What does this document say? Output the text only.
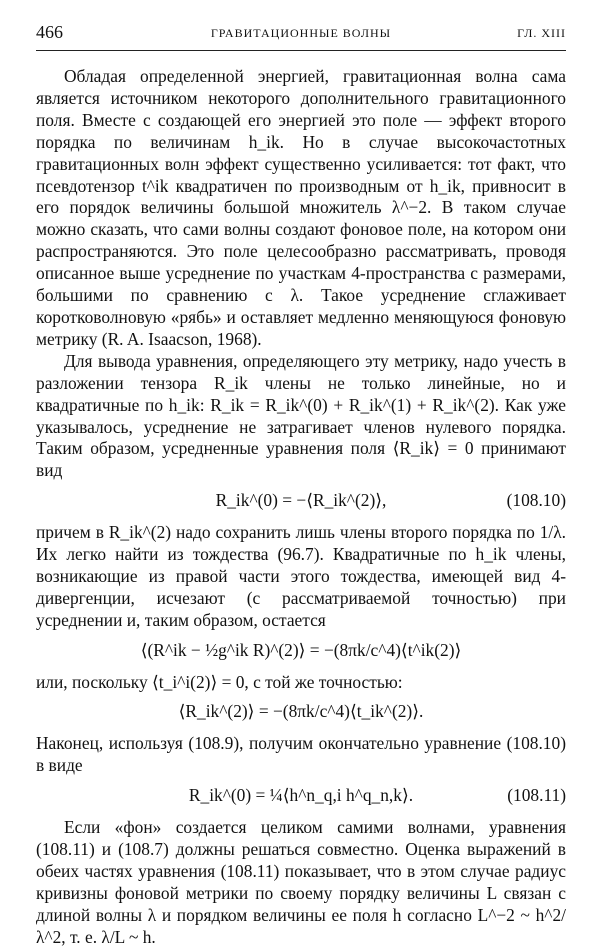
466	ГРАВИТАЦИОННЫЕ ВОЛНЫ	ГЛ. XIII

Обладая определенной энергией, гравитационная волна сама является источником некоторого дополнительного гравитационного поля. Вместе с создающей его энергией это поле — эффект второго порядка по величинам h_ik. Но в случае высокочастотных гравитационных волн эффект существенно усиливается: тот факт, что псевдотензор t^ik квадратичен по производным от h_ik, привносит в его порядок величины большой множитель λ^−2. В таком случае можно сказать, что сами волны создают фоновое поле, на котором они распространяются. Это поле целесообразно рассматривать, проводя описанное выше усреднение по участкам 4-пространства с размерами, большими по сравнению с λ. Такое усреднение сглаживает коротковолновую «рябь» и оставляет медленно меняющуюся фоновую метрику (R. A. Isaacson, 1968).

Для вывода уравнения, определяющего эту метрику, надо учесть в разложении тензора R_ik члены не только линейные, но и квадратичные по h_ik: R_ik = R_ik^(0) + R_ik^(1) + R_ik^(2). Как уже указывалось, усреднение не затрагивает членов нулевого порядка. Таким образом, усредненные уравнения поля ⟨R_ik⟩ = 0 принимают вид

R_ik^(0) = −⟨R_ik^(2)⟩,	(108.10)

причем в R_ik^(2) надо сохранить лишь члены второго порядка по 1/λ. Их легко найти из тождества (96.7). Квадратичные по h_ik члены, возникающие из правой части этого тождества, имеющей вид 4-дивергенции, исчезают (с рассматриваемой точностью) при усреднении и, таким образом, остается

⟨(R^ik − ½g^ik R)^(2)⟩ = −(8πk/c^4)⟨t^ik(2)⟩

или, поскольку ⟨t_i^i(2)⟩ = 0, с той же точностью:

⟨R_ik^(2)⟩ = −(8πk/c^4)⟨t_ik^(2)⟩.

Наконец, используя (108.9), получим окончательно уравнение (108.10) в виде

R_ik^(0) = ¼⟨h^n_q,i h^q_n,k⟩.	(108.11)

Если «фон» создается целиком самими волнами, уравнения (108.11) и (108.7) должны решаться совместно. Оценка выражений в обеих частях уравнения (108.11) показывает, что в этом случае радиус кривизны фоновой метрики по своему порядку величины L связан с длиной волны λ и порядком величины ее поля h согласно L^−2 ~ h^2/λ^2, т. е. λ/L ~ h.
